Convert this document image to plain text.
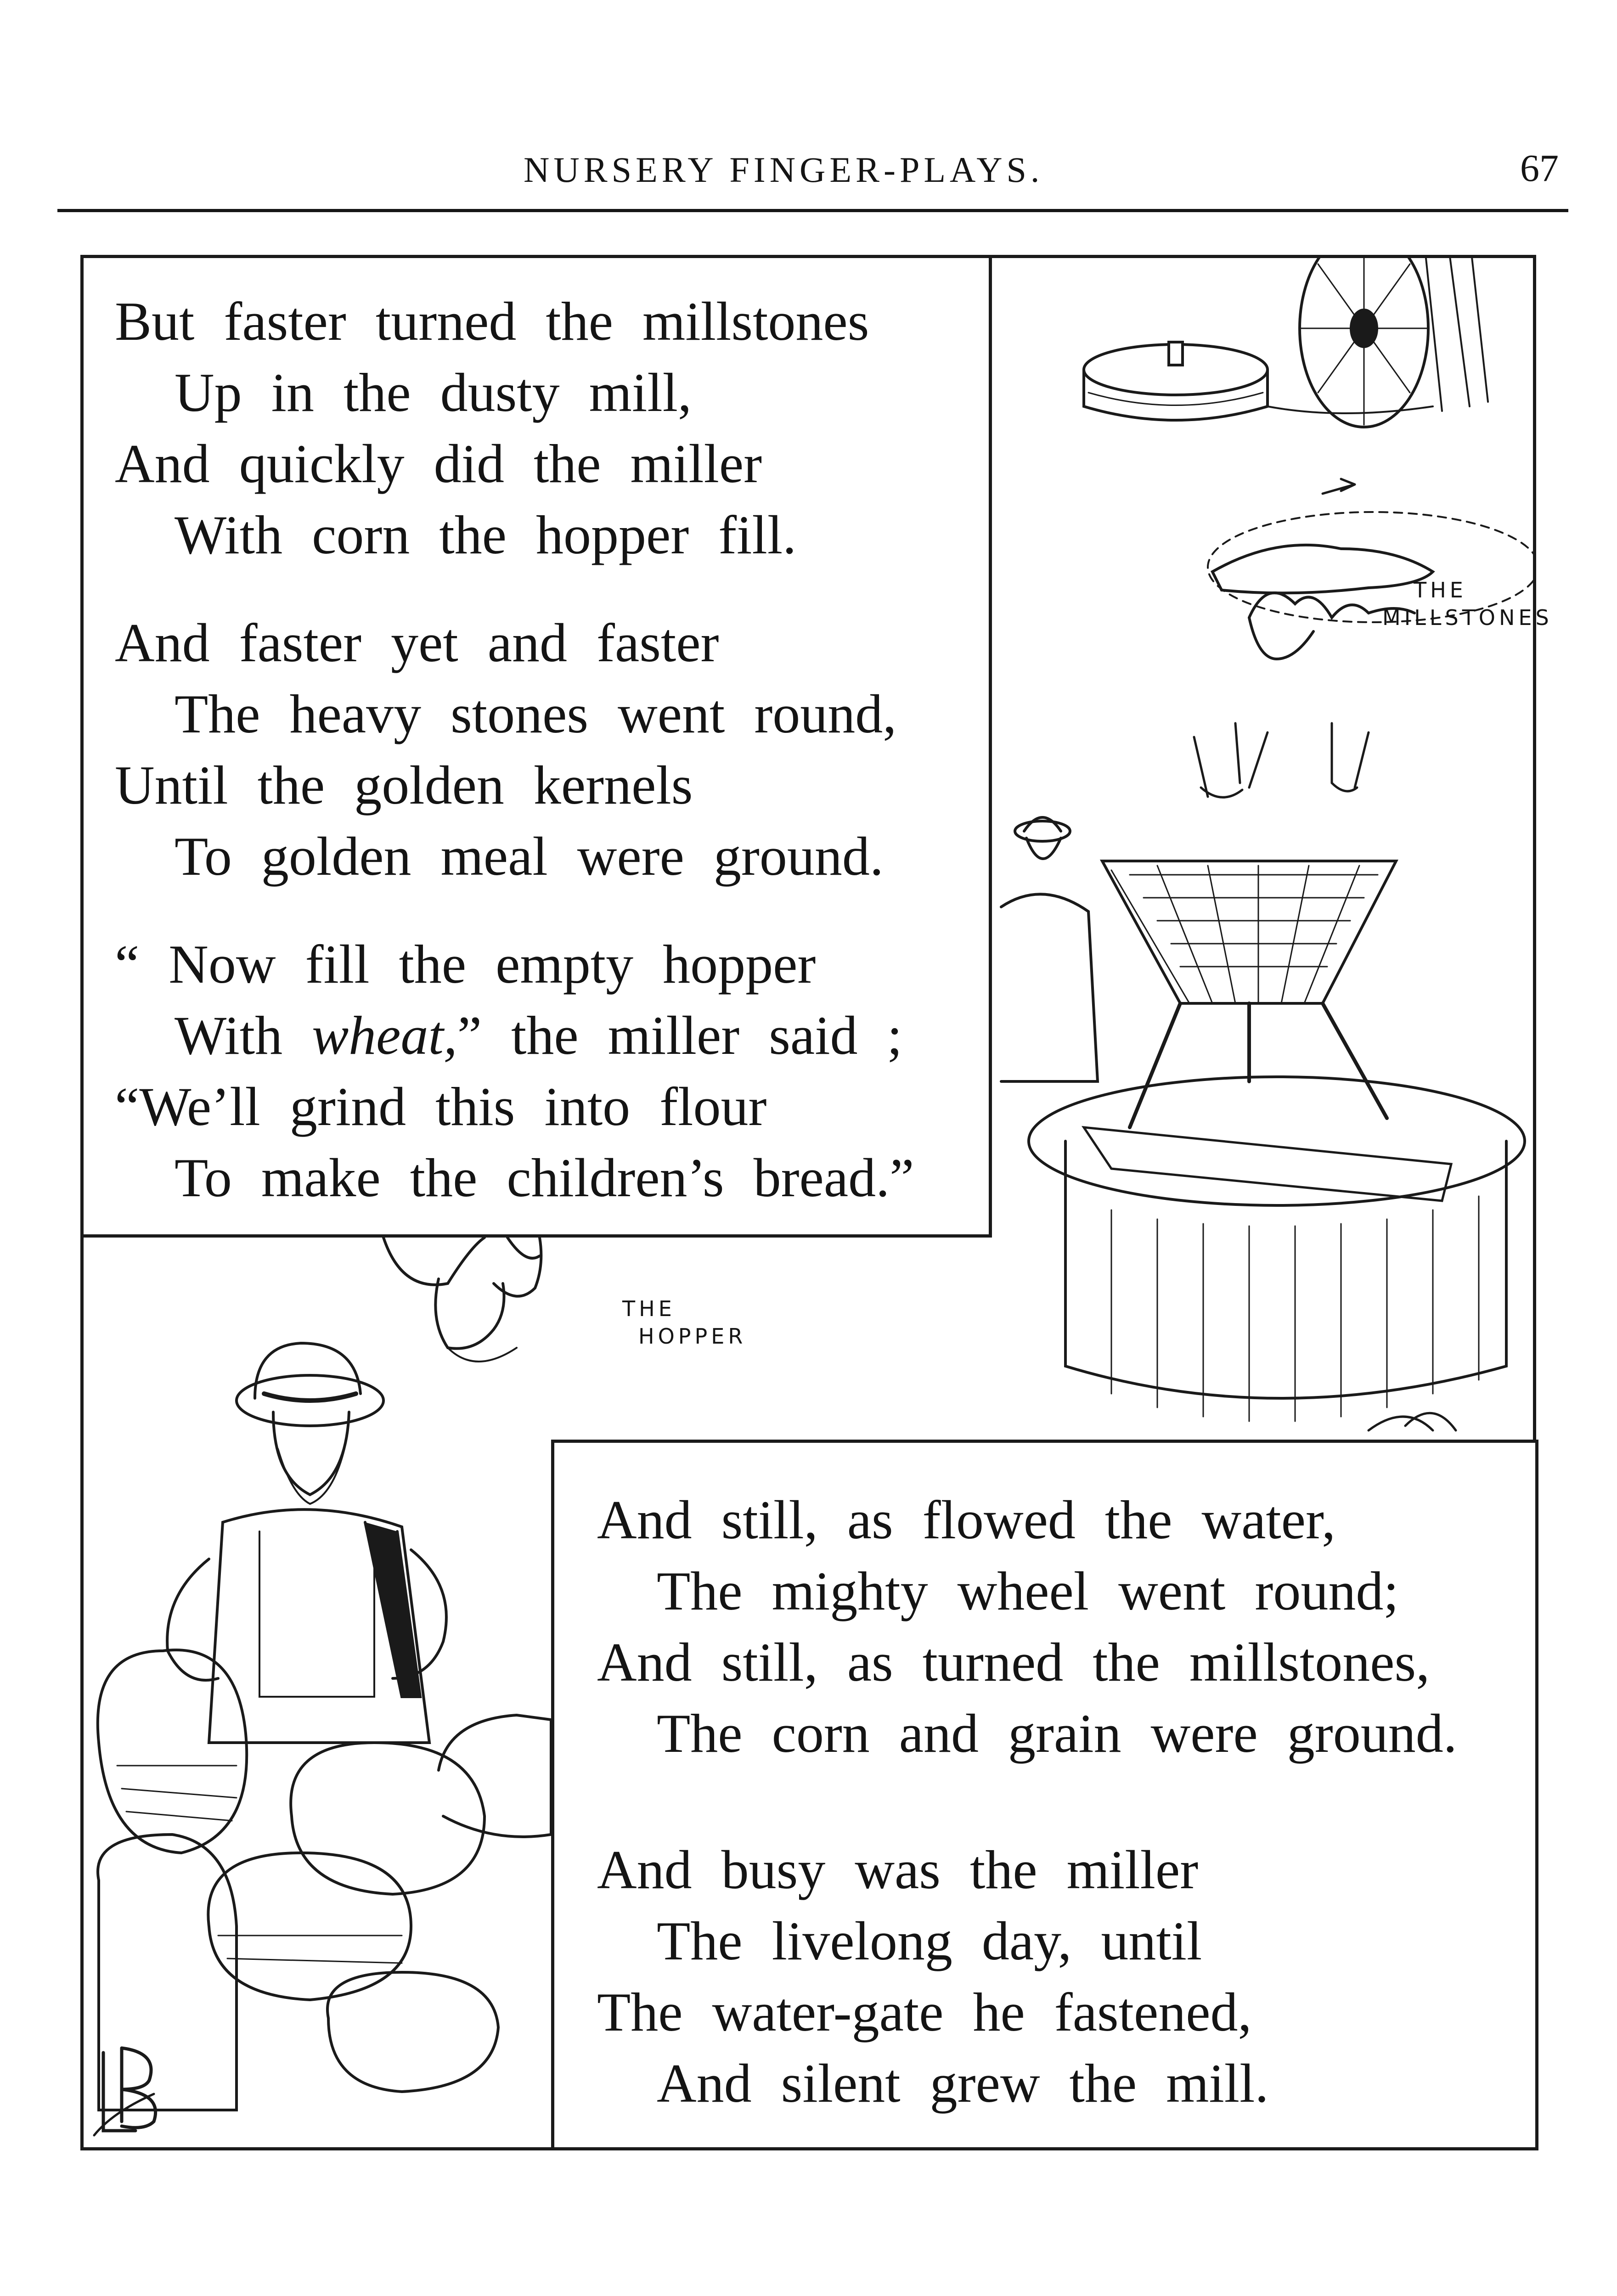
NURSERY FINGER-PLAYS.	67
THE
MILLSTONES
THE
HOPPER
But faster turned the millstones
Up in the dusty mill,
And quickly did the miller
With corn the hopper fill.
And faster yet and faster
The heavy stones went round,
Until the golden kernels
To golden meal were ground.
“ Now fill the empty hopper
With wheat,” the miller said ;
“We’ll grind this into flour
To make the children’s bread.”
And still, as flowed the water,
The mighty wheel went round;
And still, as turned the millstones,
The corn and grain were ground.
And busy was the miller
The livelong day, until
The water-gate he fastened,
And silent grew the mill.
